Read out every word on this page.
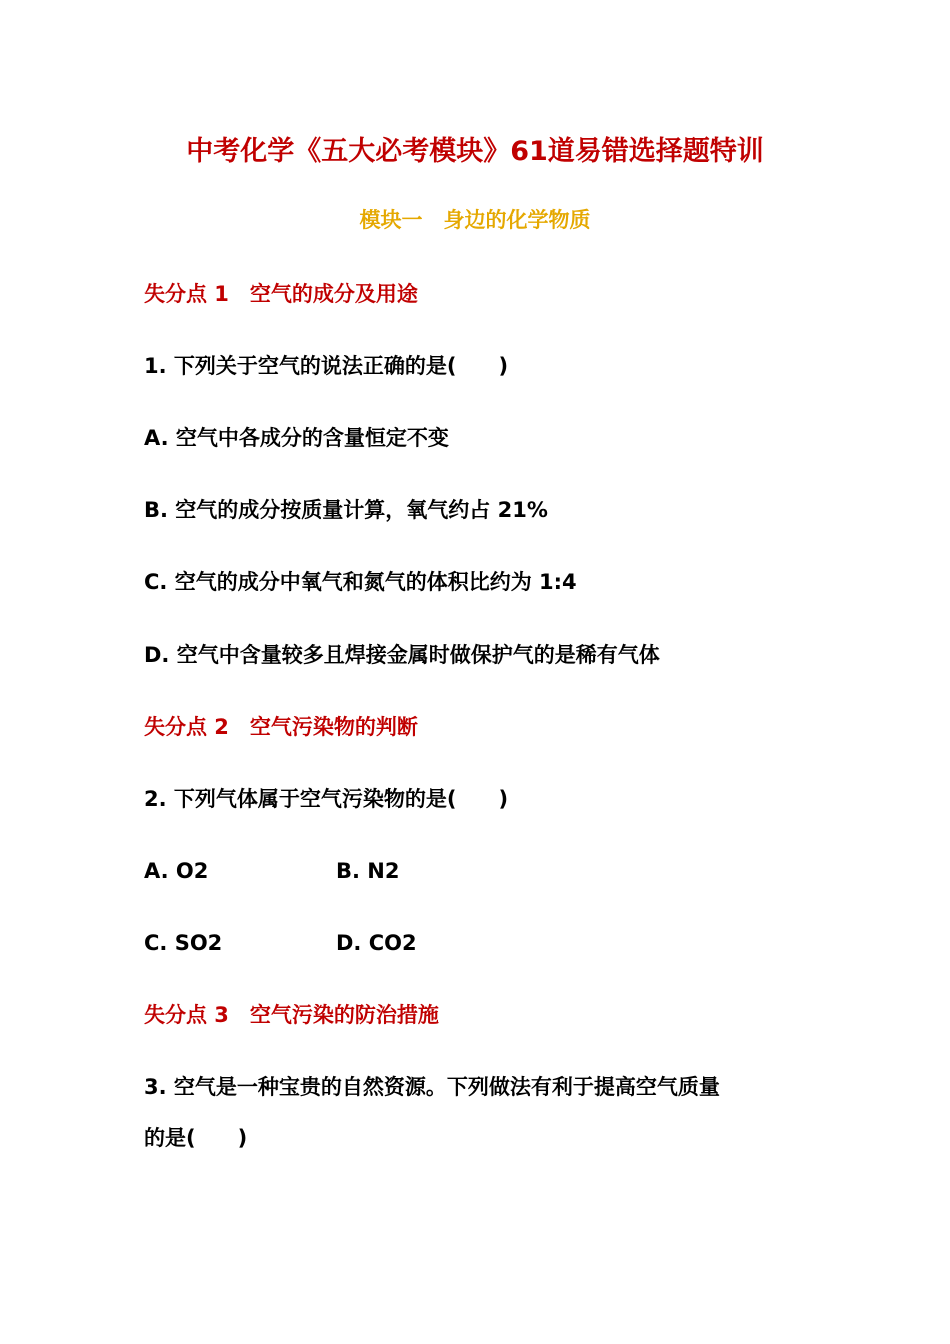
中考化学《五大必考模块》61道易错选择题特训
模块一　身边的化学物质
失分点 1　空气的成分及用途
1. 下列关于空气的说法正确的是(　　)
A. 空气中各成分的含量恒定不变
B. 空气的成分按质量计算，氧气约占 21%
C. 空气的成分中氧气和氮气的体积比约为 1:4
D. 空气中含量较多且焊接金属时做保护气的是稀有气体
失分点 2　空气污染物的判断
2. 下列气体属于空气污染物的是(　　)
A. O2	B. N2
C. SO2	D. CO2
失分点 3　空气污染的防治措施
3. 空气是一种宝贵的自然资源。下列做法有利于提高空气质量
的是(　　)
